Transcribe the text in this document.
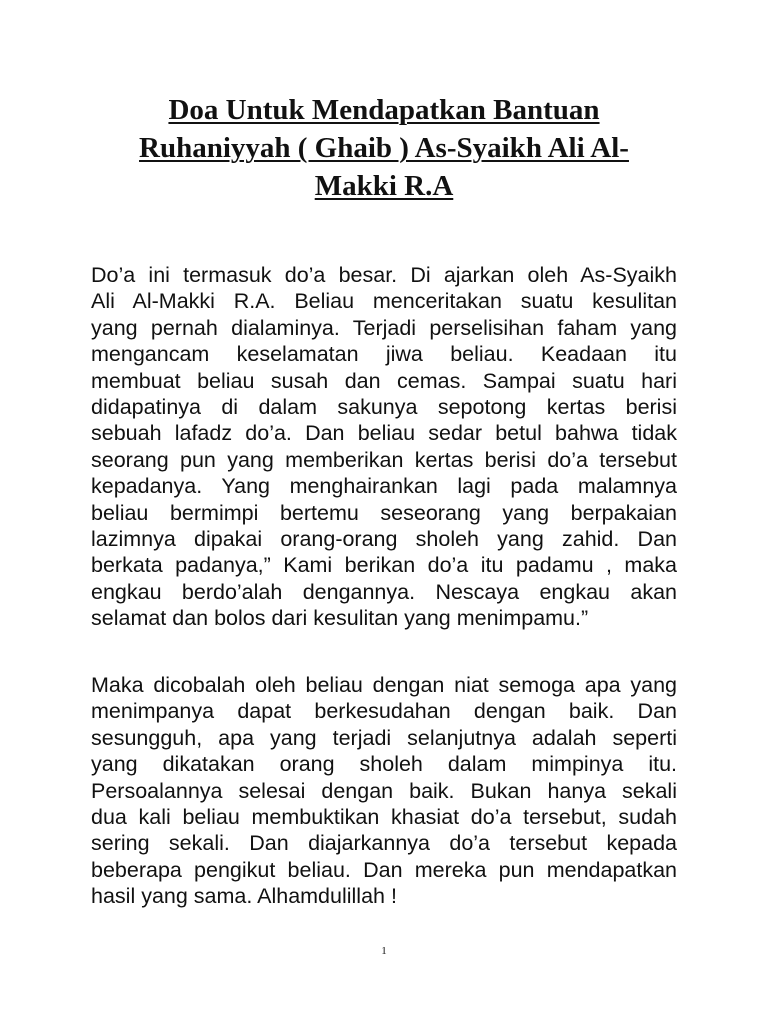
Doa Untuk Mendapatkan Bantuan
Ruhaniyyah ( Ghaib ) As-Syaikh Ali Al-
Makki R.A
Do’a ini termasuk do’a besar. Di ajarkan oleh As-Syaikh
Ali Al-Makki R.A. Beliau menceritakan suatu kesulitan
yang pernah dialaminya. Terjadi perselisihan faham yang
mengancam keselamatan jiwa beliau. Keadaan itu
membuat beliau susah dan cemas. Sampai suatu hari
didapatinya di dalam sakunya sepotong kertas berisi
sebuah lafadz do’a. Dan beliau sedar betul bahwa tidak
seorang pun yang memberikan kertas berisi do’a tersebut
kepadanya. Yang menghairankan lagi pada malamnya
beliau bermimpi bertemu seseorang yang berpakaian
lazimnya dipakai orang-orang sholeh yang zahid. Dan
berkata padanya,” Kami berikan do’a itu padamu , maka
engkau berdo’alah dengannya. Nescaya engkau akan
selamat dan bolos dari kesulitan yang menimpamu.”
Maka dicobalah oleh beliau dengan niat semoga apa yang
menimpanya dapat berkesudahan dengan baik. Dan
sesungguh, apa yang terjadi selanjutnya adalah seperti
yang dikatakan orang sholeh dalam mimpinya itu.
Persoalannya selesai dengan baik. Bukan hanya sekali
dua kali beliau membuktikan khasiat do’a tersebut, sudah
sering sekali. Dan diajarkannya do’a tersebut kepada
beberapa pengikut beliau. Dan mereka pun mendapatkan
hasil yang sama. Alhamdulillah !
1
